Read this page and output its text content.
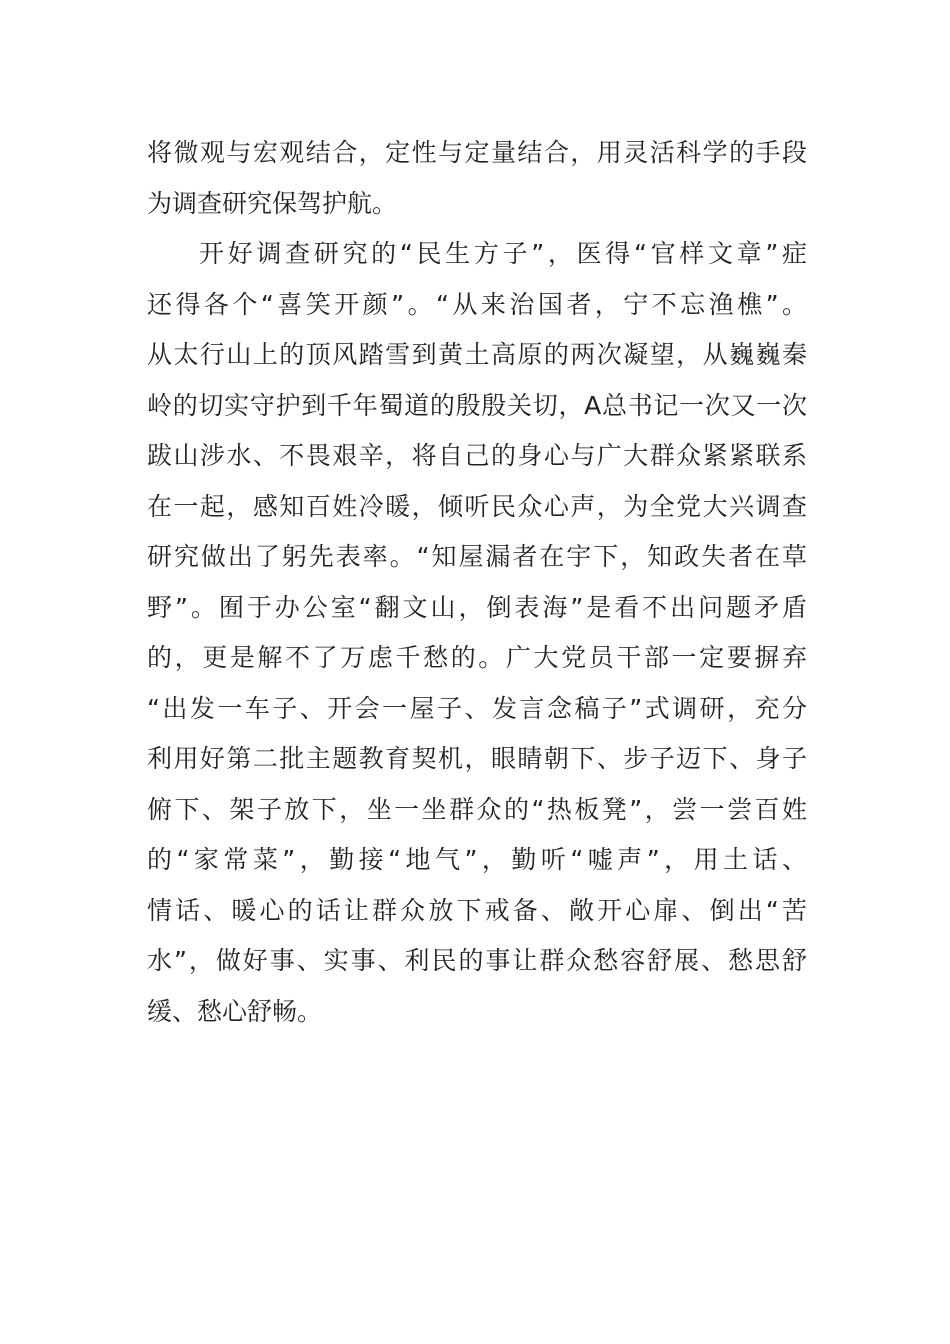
将微观与宏观结合，定性与定量结合，用灵活科学的手段
为调查研究保驾护航。
开好调查研究的“民生方子”，医得“官样文章”症
还得各个“喜笑开颜”。“从来治国者，宁不忘渔樵”。
从太行山上的顶风踏雪到黄土高原的两次凝望，从巍巍秦
岭的切实守护到千年蜀道的殷殷关切，A总书记一次又一次
跋山涉水、不畏艰辛，将自己的身心与广大群众紧紧联系
在一起，感知百姓冷暖，倾听民众心声，为全党大兴调查
研究做出了躬先表率。“知屋漏者在宇下，知政失者在草
野”。囿于办公室“翻文山，倒表海”是看不出问题矛盾
的，更是解不了万虑千愁的。广大党员干部一定要摒弃
“出发一车子、开会一屋子、发言念稿子”式调研，充分
利用好第二批主题教育契机，眼睛朝下、步子迈下、身子
俯下、架子放下，坐一坐群众的“热板凳”，尝一尝百姓
的“家常菜”，勤接“地气”，勤听“嘘声”，用土话、
情话、暖心的话让群众放下戒备、敞开心扉、倒出“苦
水”，做好事、实事、利民的事让群众愁容舒展、愁思舒
缓、愁心舒畅。
